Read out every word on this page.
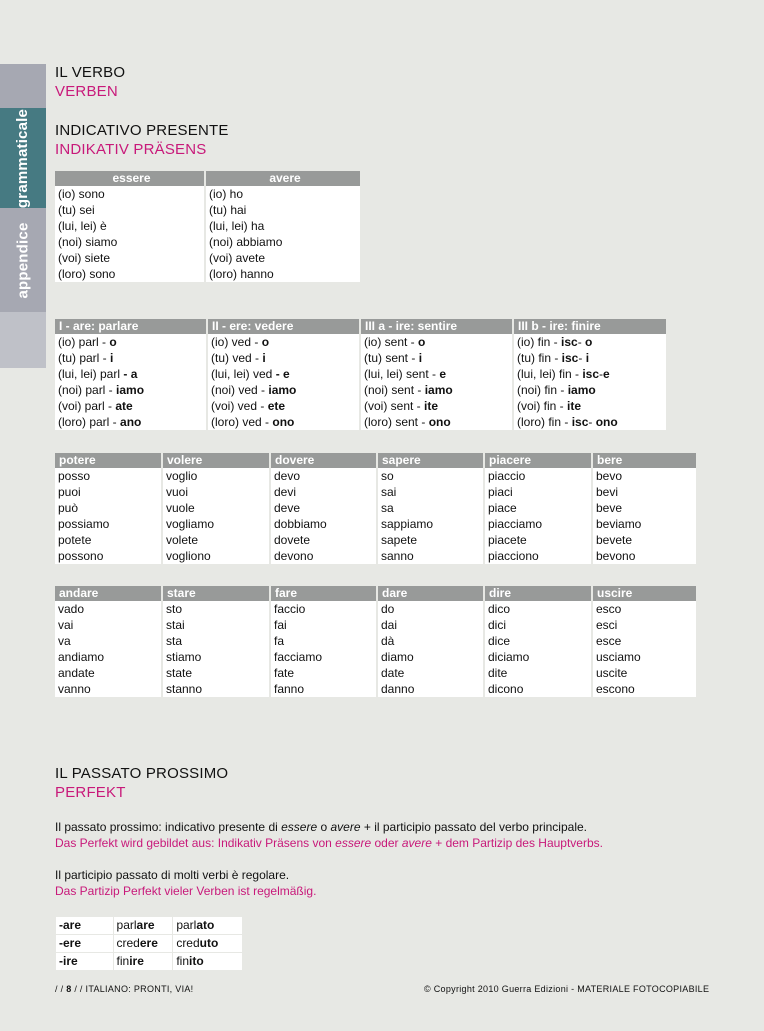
grammaticale
appendice
IL VERBO
VERBEN
INDICATIVO PRESENTE
INDIKATIV PRÄSENS
essere	avere
(io) sono	(io) ho
(tu) sei	(tu) hai
(lui, lei) è	(lui, lei) ha
(noi) siamo	(noi) abbiamo
(voi) siete	(voi) avete
(loro) sono	(loro) hanno
I - are: parlare	II - ere: vedere	III a - ire: sentire	III b - ire: finire
(io) parl - o	(io) ved - o	(io) sent - o	(io) fin - isc- o
(tu) parl - i	(tu) ved - i	(tu) sent - i	(tu) fin - isc- i
(lui, lei) parl - a	(lui, lei) ved - e	(lui, lei) sent - e	(lui, lei) fin - isc-e
(noi) parl - iamo	(noi) ved - iamo	(noi) sent - iamo	(noi) fin - iamo
(voi) parl - ate	(voi) ved - ete	(voi) sent - ite	(voi) fin - ite
(loro) parl - ano	(loro) ved - ono	(loro) sent - ono	(loro) fin - isc- ono
potere	volere	dovere	sapere	piacere	bere
posso	voglio	devo	so	piaccio	bevo
puoi	vuoi	devi	sai	piaci	bevi
può	vuole	deve	sa	piace	beve
possiamo	vogliamo	dobbiamo	sappiamo	piacciamo	beviamo
potete	volete	dovete	sapete	piacete	bevete
possono	vogliono	devono	sanno	piacciono	bevono
andare	stare	fare	dare	dire	uscire
vado	sto	faccio	do	dico	esco
vai	stai	fai	dai	dici	esci
va	sta	fa	dà	dice	esce
andiamo	stiamo	facciamo	diamo	diciamo	usciamo
andate	state	fate	date	dite	uscite
vanno	stanno	fanno	danno	dicono	escono
IL PASSATO PROSSIMO
PERFEKT
Il passato prossimo: indicativo presente di essere o avere + il participio passato del verbo principale.
Das Perfekt wird gebildet aus: Indikativ Präsens von essere oder avere + dem Partizip des Hauptverbs.
Il participio passato di molti verbi è regolare.
Das Partizip Perfekt vieler Verben ist regelmäßig.
-are	parlare	parlato
-ere	credere	creduto
-ire	finire	finito
/ / 8 / / ITALIANO: PRONTI, VIA!	© Copyright 2010 Guerra Edizioni - MATERIALE FOTOCOPIABILE
